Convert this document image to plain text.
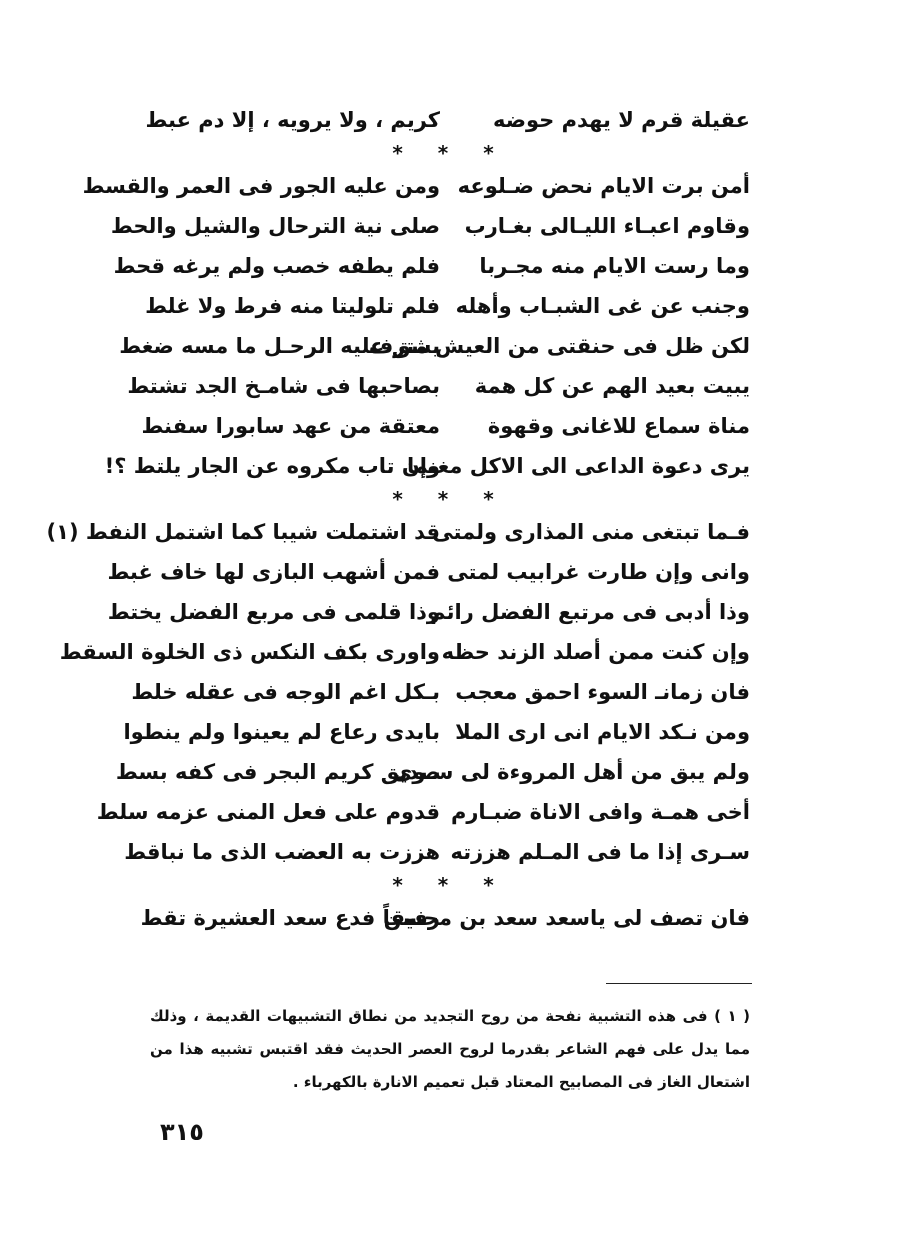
عقيلة قرم لا يهدم حوضه
كريم ، ولا يرويه ، إلا دم عبط
* * *
أمن برت الايام نحض ضـلوعه
ومن عليه الجور فى العمر والقسط
وقاوم اعبـاء الليـالى بغـارب
صلى نية الترحال والشيل والحط
وما رست الايام منه مجـربا
فلم يطفه خصب ولم يرغه قحط
وجنب عن غى الشبـاب وأهله
فلم تلوليتا منه فرط ولا غلط
لكن ظل فى حنقتى من العيش مترف
يشق عليه الرحـل ما مسه ضغط
يبيت بعيد الهم عن كل همة
بصاحبها فى شامـخ الجد تشتط
مناة سماع للاغانى وقهوة
معتقة من عهد سابورا سفنط
يرى دعوة الداعى الى الاكل مغنما
وإن تاب مكروه عن الجار يلتط ؟!
* * *
فـما تبتغى منى المذارى ولمتى
قد اشتملت شيبا كما اشتمل النفط (١)
وانى وإن طارت غرابيب لمتى
فمن أشهب البازى لها خاف غبط
وذا أدبى فى مرتبع الفضل رائم
وذا قلمى فى مربع الفضل يختط
وإن كنت ممن أصلد الزند حظه
واورى بكف النكس ذى الخلوة السقط
فان زمانـ السوء احمق معجب
بـكل اغم الوجه فى عقله خلط
ومن نـكد الايام انى ارى الملا
بايدى رعاع لم يعينوا ولم ينطوا
ولم يبق من أهل المروءة لى سـوى
صديق كريم البجر فى كفه بسط
أخى همـة وافى الاناة ضبـارم
قدوم على فعل المنى عزمه سلط
سـرى إذا ما فى المـلم هززته
هززت به العضب الذى ما نباقط
* * *
فان تصف لى ياسعد سعد بن محسن
رفيقاً فدع سعد العشيرة تقط
( ١ ) فى هذه التشبية نفحة من روح التجديد من نطاق التشبيهات القديمة ، وذلك مما يدل على فهم الشاعر بقدرما لروح العصر الحديث فقد اقتبس تشبيه هذا من اشتعال الغاز فى المصابيح المعتاد قبل تعميم الانارة بالكهرباء .
٣١٥
